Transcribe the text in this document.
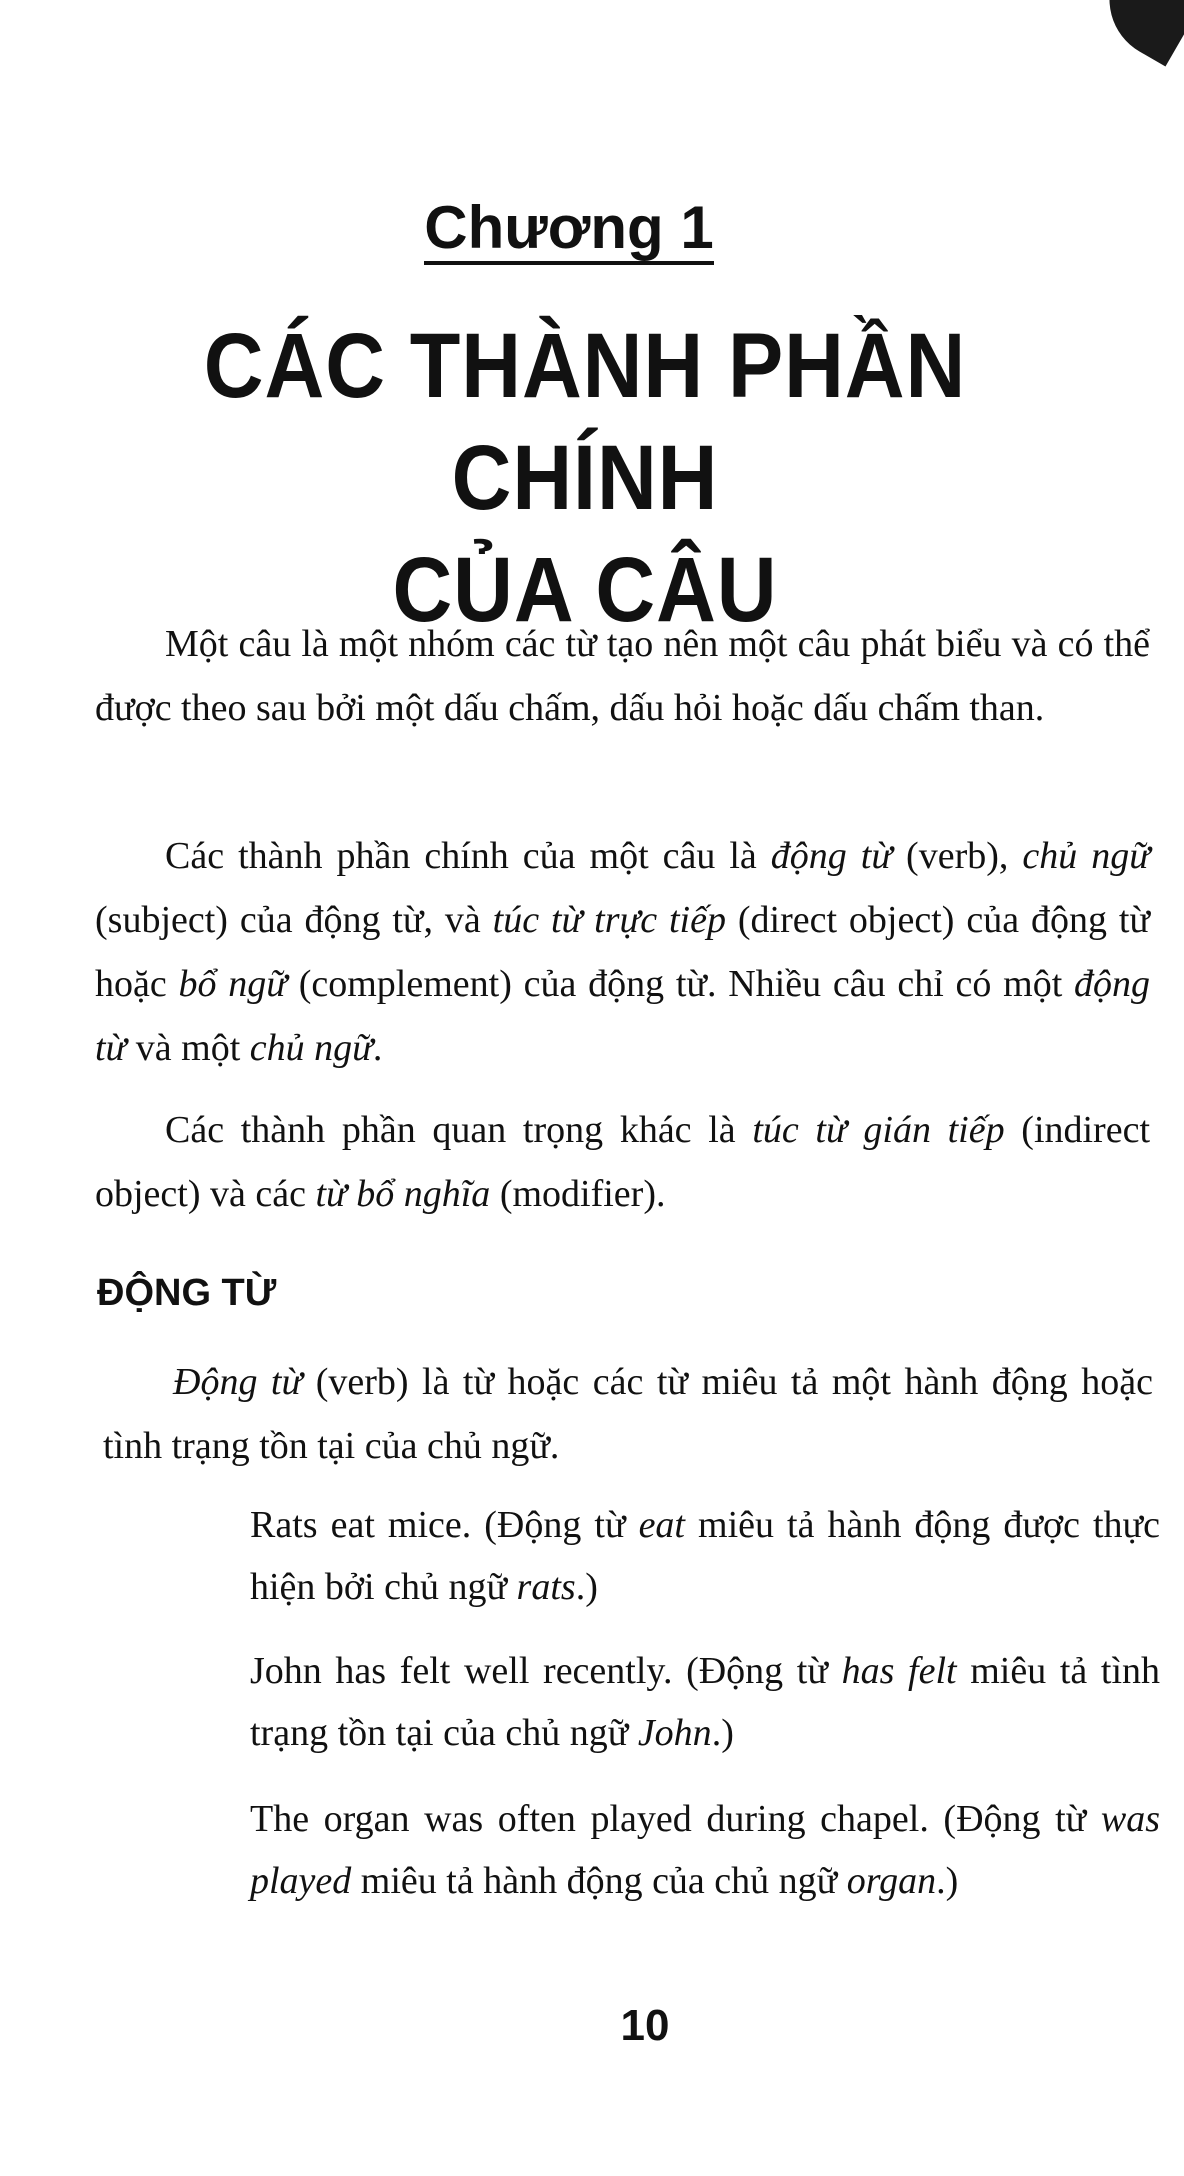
Chương 1
CÁC THÀNH PHẦN CHÍNH
CỦA CÂU

Một câu là một nhóm các từ tạo nên một câu phát biểu và có thể được theo sau bởi một dấu chấm, dấu hỏi hoặc dấu chấm than.

Các thành phần chính của một câu là động từ (verb), chủ ngữ (subject) của động từ, và túc từ trực tiếp (direct object) của động từ hoặc bổ ngữ (complement) của động từ. Nhiều câu chỉ có một động từ và một chủ ngữ.

Các thành phần quan trọng khác là túc từ gián tiếp (indirect object) và các từ bổ nghĩa (modifier).

ĐỘNG TỪ

Động từ (verb) là từ hoặc các từ miêu tả một hành động hoặc tình trạng tồn tại của chủ ngữ.

Rats eat mice. (Động từ eat miêu tả hành động được thực hiện bởi chủ ngữ rats.)

John has felt well recently. (Động từ has felt miêu tả tình trạng tồn tại của chủ ngữ John.)

The organ was often played during chapel. (Động từ was played miêu tả hành động của chủ ngữ organ.)

10
